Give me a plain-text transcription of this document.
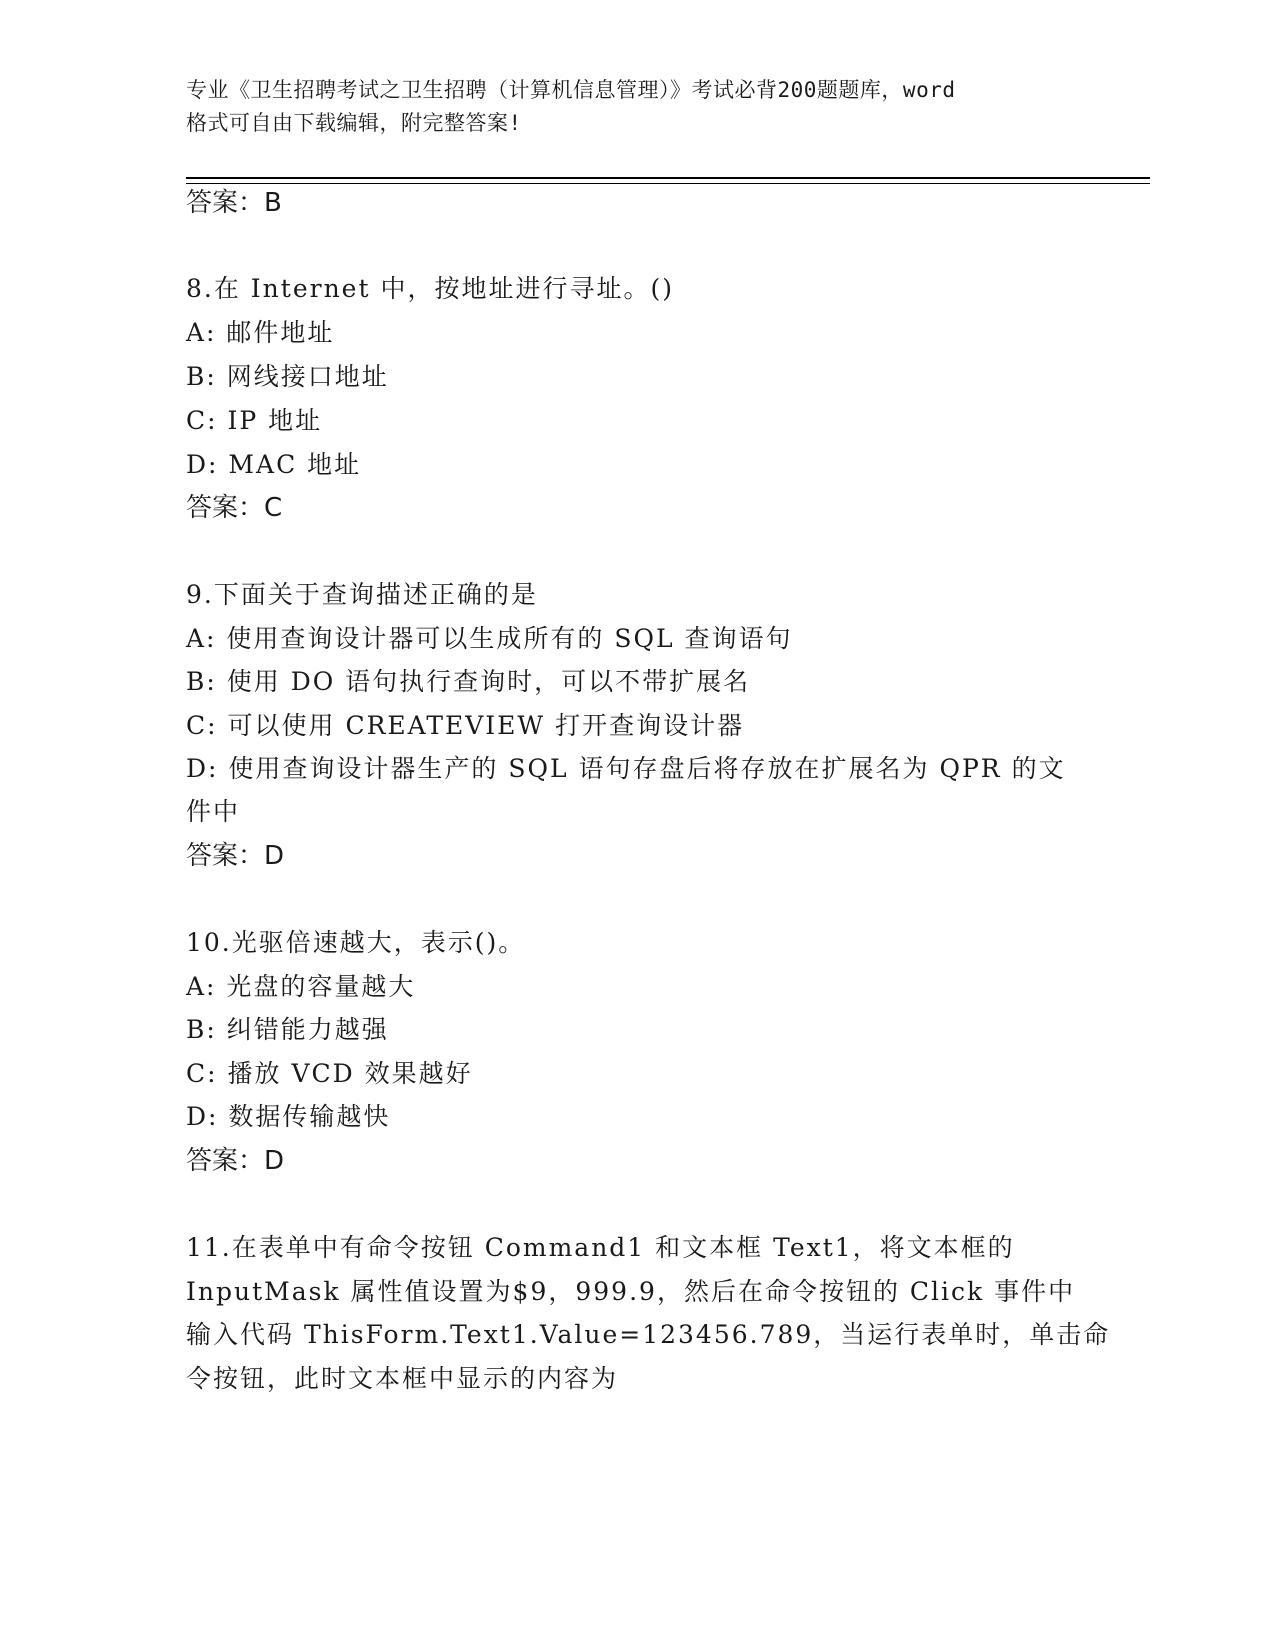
专业《卫生招聘考试之卫生招聘（计算机信息管理）》考试必背200题题库，word
格式可自由下载编辑，附完整答案!
答案：B
8.在 Internet 中，按地址进行寻址。()
A: 邮件地址
B: 网线接口地址
C: IP 地址
D: MAC 地址
答案：C
9.下面关于查询描述正确的是
A: 使用查询设计器可以生成所有的 SQL 查询语句
B: 使用 DO 语句执行查询时，可以不带扩展名
C: 可以使用 CREATEVIEW 打开查询设计器
D: 使用查询设计器生产的 SQL 语句存盘后将存放在扩展名为 QPR 的文
件中
答案：D
10.光驱倍速越大，表示()。
A: 光盘的容量越大
B: 纠错能力越强
C: 播放 VCD 效果越好
D: 数据传输越快
答案：D
11.在表单中有命令按钮 Command1 和文本框 Text1，将文本框的
InputMask 属性值设置为$9，999.9，然后在命令按钮的 Click 事件中
输入代码 ThisForm.Text1.Value=123456.789，当运行表单时，单击命
令按钮，此时文本框中显示的内容为
